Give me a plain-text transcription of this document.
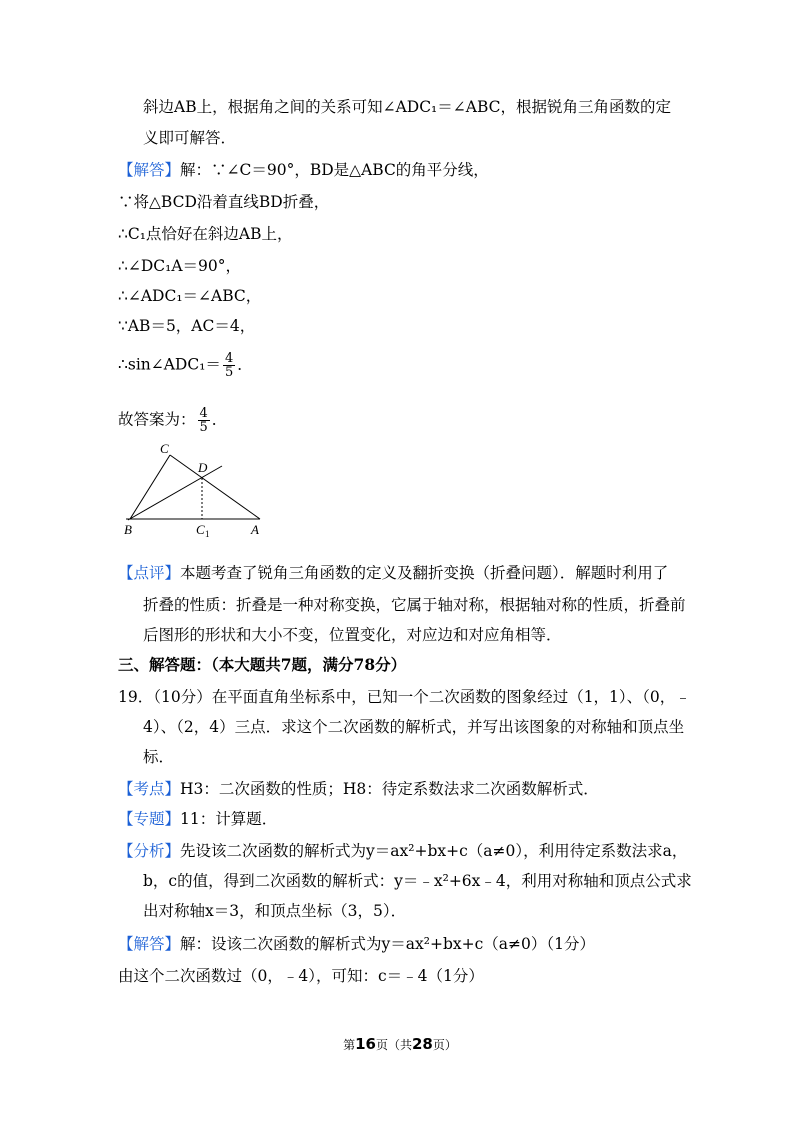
斜边AB上，根据角之间的关系可知∠ADC₁＝∠ABC，根据锐角三角函数的定
义即可解答．
【解答】解：∵∠C＝90°，BD是△ABC的角平分线，
∵将△BCD沿着直线BD折叠，
∴C₁点恰好在斜边AB上，
∴∠DC₁A＝90°，
∴∠ADC₁＝∠ABC，
∵AB＝5，AC＝4，
∴sin∠ADC₁＝ $\frac{4}{5}$ ．
故答案为： $\frac{4}{5}$ ．
C
D
B	C 1	A
【点评】本题考查了锐角三角函数的定义及翻折变换（折叠问题）．解题时利用了
折叠的性质：折叠是一种对称变换，它属于轴对称，根据轴对称的性质，折叠前
后图形的形状和大小不变，位置变化，对应边和对应角相等．
三、解答题：（本大题共7题，满分78分）
19．（10分）在平面直角坐标系中，已知一个二次函数的图象经过（1，1）、（0，﹣
4）、（2，4）三点．求这个二次函数的解析式，并写出该图象的对称轴和顶点坐
标．
【考点】H3：二次函数的性质；H8：待定系数法求二次函数解析式．
【专题】11：计算题．
【分析】先设该二次函数的解析式为y＝ax²+bx+c（a≠0），利用待定系数法求a，
b，c的值，得到二次函数的解析式：y＝﹣x²+6x﹣4，利用对称轴和顶点公式求
出对称轴x＝3，和顶点坐标（3，5）．
【解答】解：设该二次函数的解析式为y＝ax²+bx+c（a≠0）（1分）
由这个二次函数过（0，﹣4），可知：c＝﹣4（1分）
第16页（共28页）
